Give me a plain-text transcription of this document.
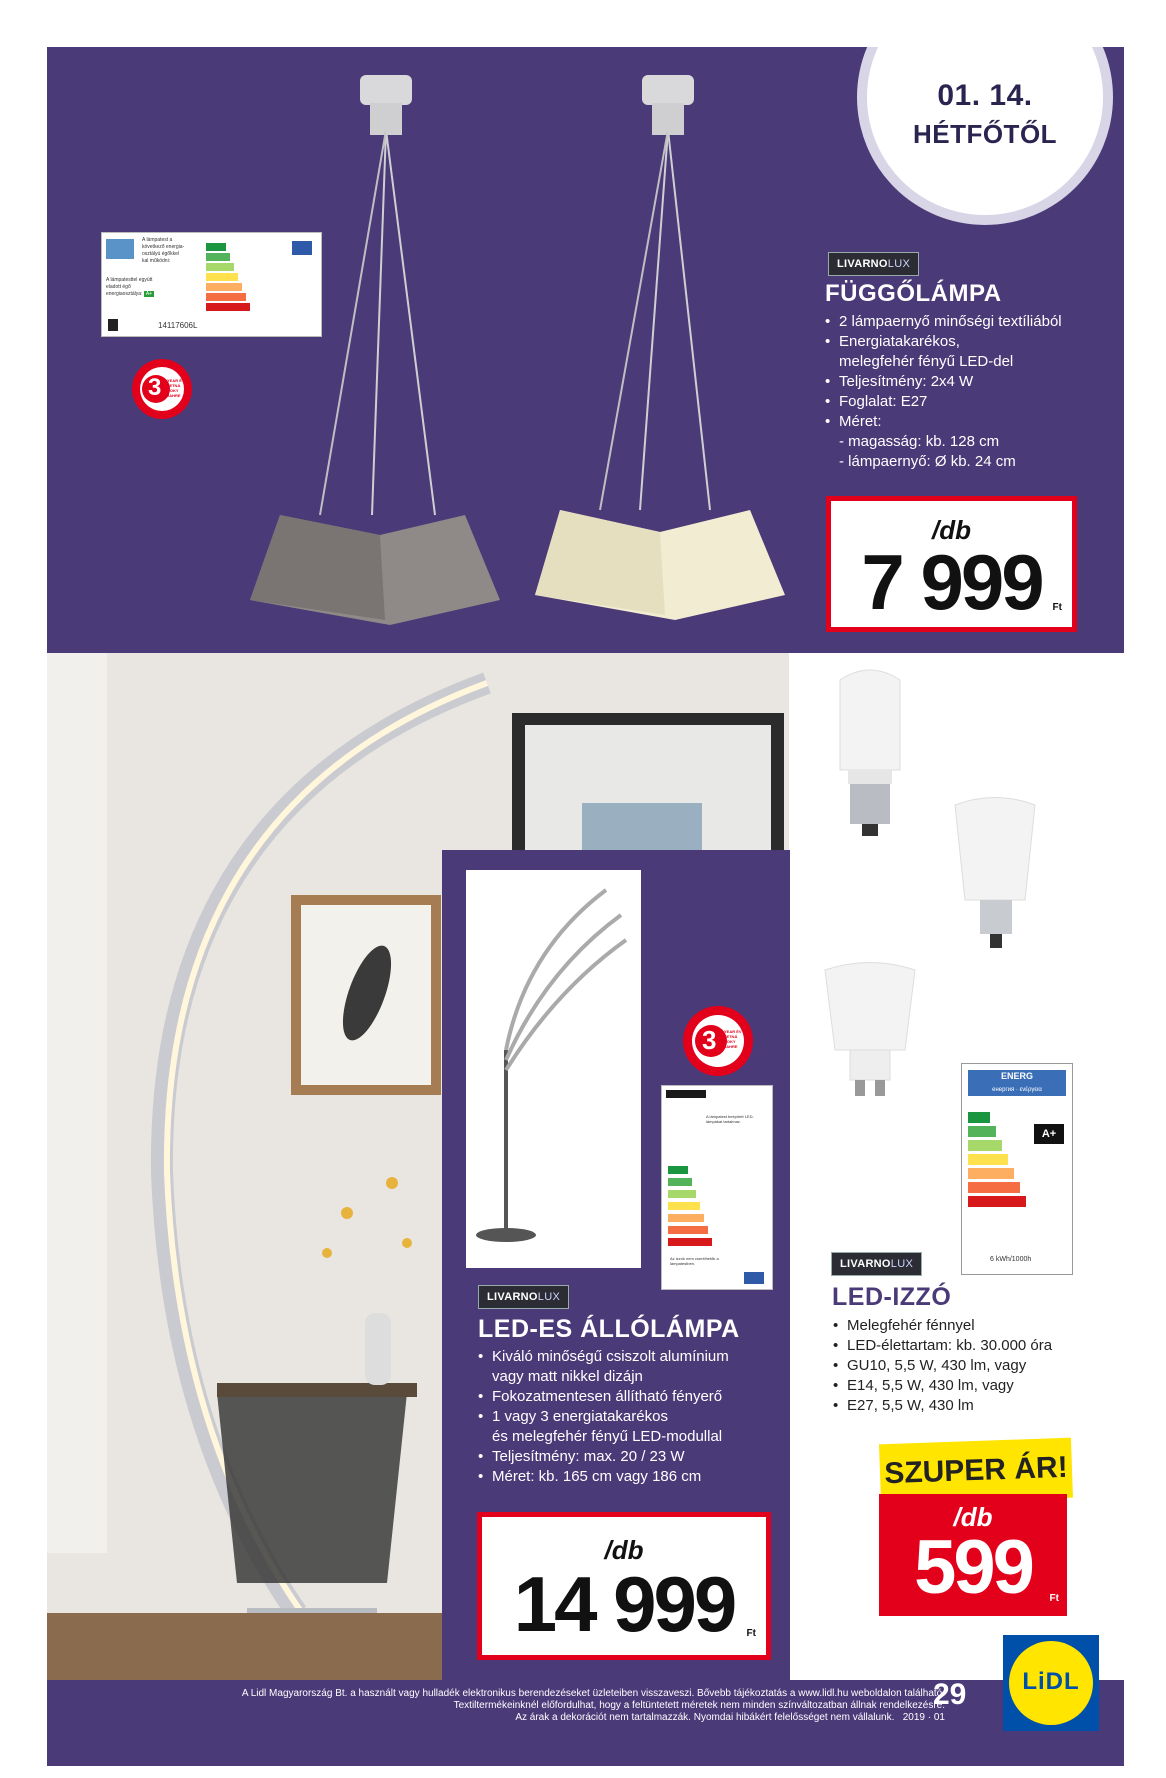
01. 14.
HÉTFŐTŐL
A lámpatest a
következő energia-
osztályú égőkkel
kal működni:
A lámpatesttel együtt
eladott égő
energiaosztálya: A+
14117606L
3 YEAR ÉV LETNÁ ROKY JAHRE
LIVARNOLUX
FÜGGŐLÁMPA
• 2 lámpaernyő minőségi textíliából
• Energiatakarékos,
melegfehér fényű LED-del
• Teljesítmény: 2x4 W
• Foglalat: E27
• Méret:
- magasság: kb. 128 cm
- lámpaernyő: Ø kb. 24 cm
/db
7 999	Ft
3 YEAR ÉV LETNÁ ROKY JAHRE
A lámpatest beépített LED-lámpákat tartalmaz.
Az izzók nem cserélhetők a lámpatestben.
LIVARNOLUX
LED-ES ÁLLÓLÁMPA
• Kiváló minőségű csiszolt alumínium
vagy matt nikkel dizájn
• Fokozatmentesen állítható fényerő
• 1 vagy 3 energiatakarékos
és melegfehér fényű LED-modullal
• Teljesítmény: max. 20 / 23 W
• Méret: kb. 165 cm vagy 186 cm
/db
14 999	Ft
ENERG
енергия · ενέργεια
A+
6 kWh/1000h
LIVARNOLUX
LED-IZZÓ
• Melegfehér fénnyel
• LED-élettartam: kb. 30.000 óra
• GU10, 5,5 W, 430 lm, vagy
• E14, 5,5 W, 430 lm, vagy
• E27, 5,5 W, 430 lm
SZUPER ÁR!
/db
599	Ft
A Lidl Magyarország Bt. a használt vagy hulladék elektronikus berendezéseket üzleteiben visszaveszi. Bővebb tájékoztatás a www.lidl.hu weboldalon található.
Textiltermékeinknél előfordulhat, hogy a feltüntetett méretek nem minden színváltozatban állnak rendelkezésre.
Az árak a dekorációt nem tartalmazzák. Nyomdai hibákért felelősséget nem vállalunk. 2019 · 01
29	LiDL
